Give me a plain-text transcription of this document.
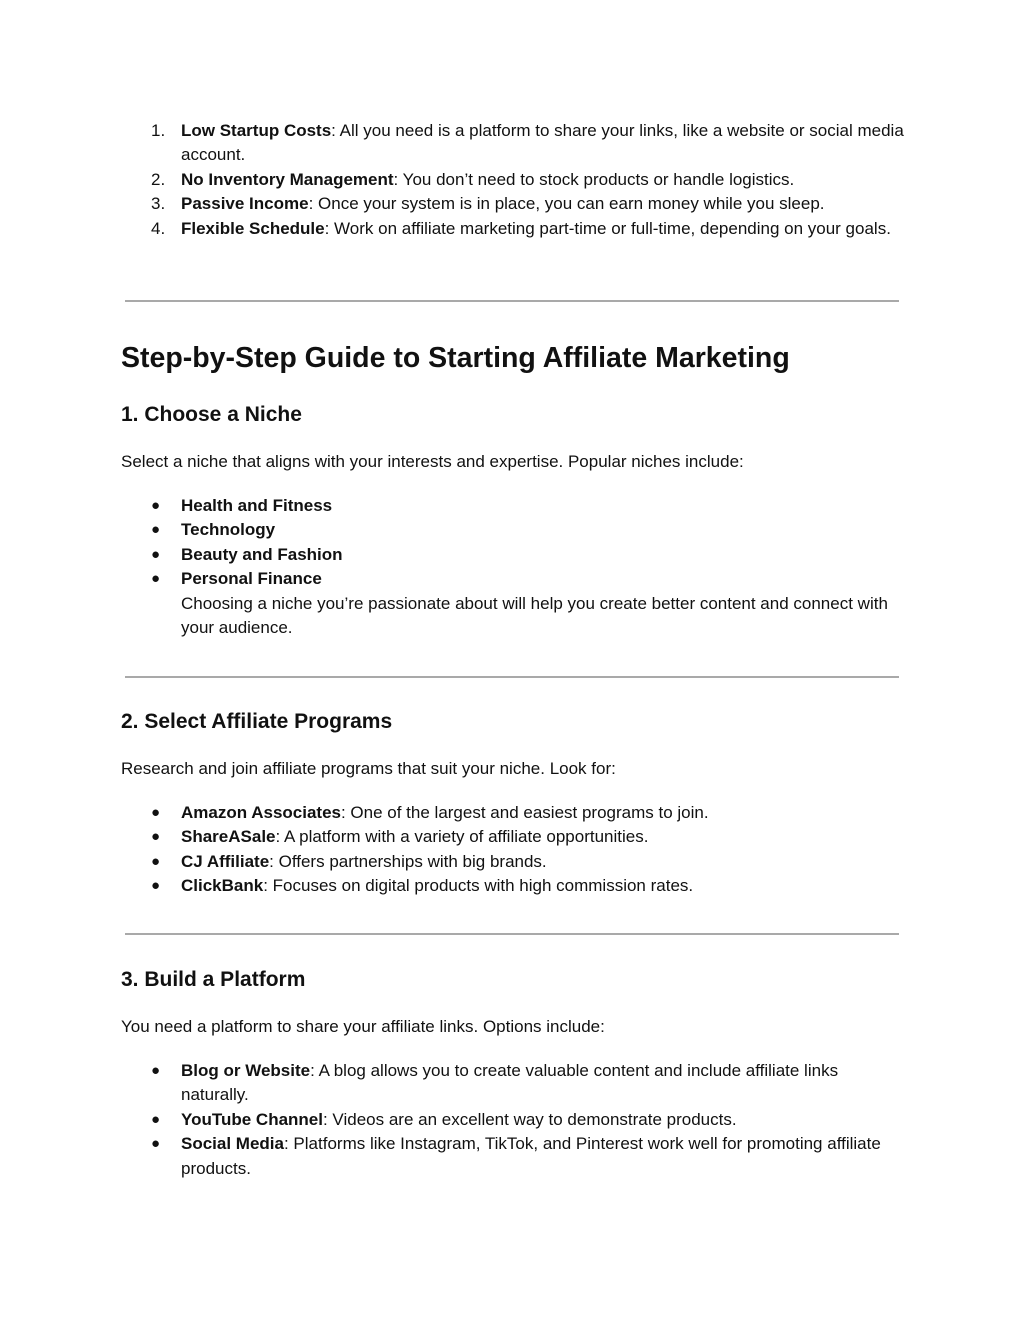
1. Low Startup Costs: All you need is a platform to share your links, like a website or social media account.
2. No Inventory Management: You don’t need to stock products or handle logistics.
3. Passive Income: Once your system is in place, you can earn money while you sleep.
4. Flexible Schedule: Work on affiliate marketing part-time or full-time, depending on your goals.
Step-by-Step Guide to Starting Affiliate Marketing
1. Choose a Niche

Select a niche that aligns with your interests and expertise. Popular niches include:

● Health and Fitness
● Technology
● Beauty and Fashion
● Personal Finance
Choosing a niche you’re passionate about will help you create better content and connect with your audience.
2. Select Affiliate Programs

Research and join affiliate programs that suit your niche. Look for:

● Amazon Associates: One of the largest and easiest programs to join.
● ShareASale: A platform with a variety of affiliate opportunities.
● CJ Affiliate: Offers partnerships with big brands.
● ClickBank: Focuses on digital products with high commission rates.
3. Build a Platform

You need a platform to share your affiliate links. Options include:

● Blog or Website: A blog allows you to create valuable content and include affiliate links naturally.
● YouTube Channel: Videos are an excellent way to demonstrate products.
● Social Media: Platforms like Instagram, TikTok, and Pinterest work well for promoting affiliate products.
